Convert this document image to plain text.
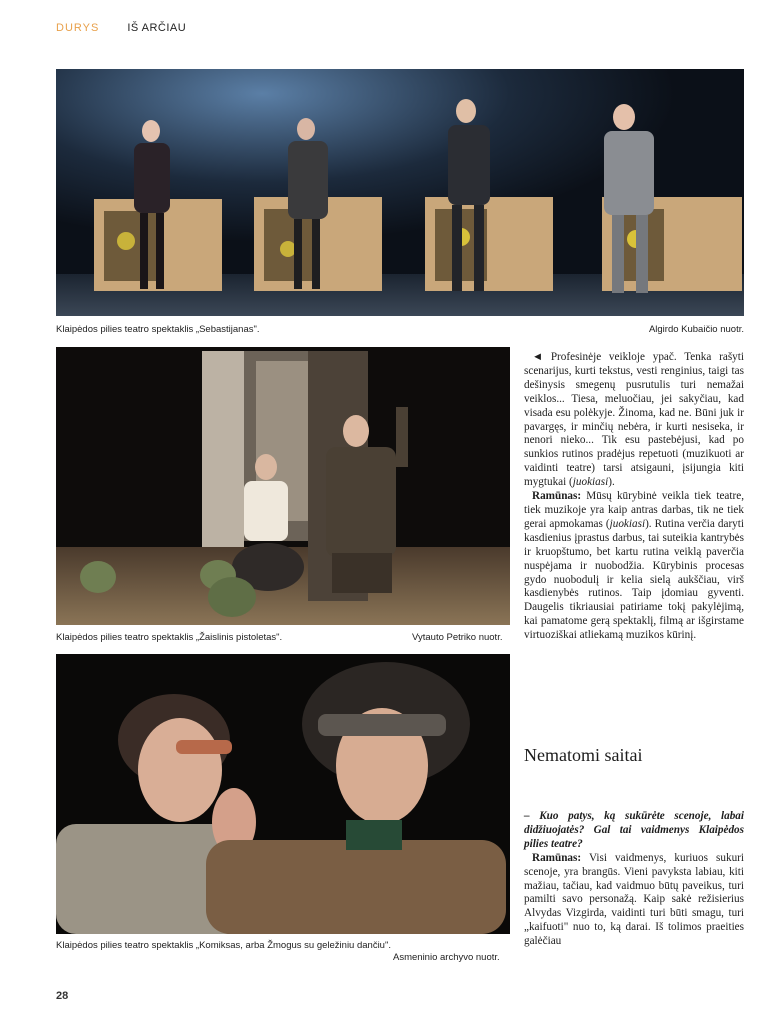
DURYS	IŠ ARČIAU
Klaipėdos pilies teatro spektaklis „Sebastijanas".	Algirdo Kubaičio nuotr.
Klaipėdos pilies teatro spektaklis „Žaislinis pistoletas".	Vytauto Petriko nuotr.
Klaipėdos pilies teatro spektaklis „Komiksas, arba Žmogus su geležiniu dančiu".
Asmeninio archyvo nuotr.

◄ Profesinėje veikloje ypač. Tenka rašyti scenarijus, kurti tekstus, vesti renginius, taigi tas dešinysis smegenų pusrutulis turi nemažai veiklos... Tiesa, meluočiau, jei sakyčiau, kad visada esu polėkyje. Žinoma, kad ne. Būni juk ir pavargęs, ir minčių nebėra, ir kurti nesiseka, ir nenori nieko... Tik esu pastebėjusi, kad po sunkios rutinos pradėjus repetuoti (muzikuoti ar vaidinti teatre) tarsi atsigauni, įsijungia kiti mygtukai (juokiasi).

Ramūnas: Mūsų kūrybinė veikla tiek teatre, tiek muzikoje yra kaip antras darbas, tik ne tiek gerai apmokamas (juokiasi). Rutina verčia daryti kasdienius įprastus darbus, tai suteikia kantrybės ir kruopštumo, bet kartu rutina veiklą paverčia nuspėjama ir nuobodžia. Kūrybinis procesas gydo nuobodulį ir kelia sielą aukščiau, virš kasdienybės rutinos. Taip įdomiau gyventi. Daugelis tikriausiai patiriame tokį pakylėjimą, kai pamatome gerą spektaklį, filmą ar išgirstame virtuoziškai atliekamą muzikos kūrinį.

Nematomi saitai

– Kuo patys, ką sukūrėte scenoje, labai didžiuojatės? Gal tai vaidmenys Klaipėdos pilies teatre?

Ramūnas: Visi vaidmenys, kuriuos sukuri scenoje, yra brangūs. Vieni pavyksta labiau, kiti mažiau, tačiau, kad vaidmuo būtų paveikus, turi pamilti savo personažą. Kaip sakė režisierius Alvydas Vizgirda, vaidinti turi būti smagu, turi „kaifuoti" nuo to, ką darai. Iš tolimos praeities galėčiau

28
